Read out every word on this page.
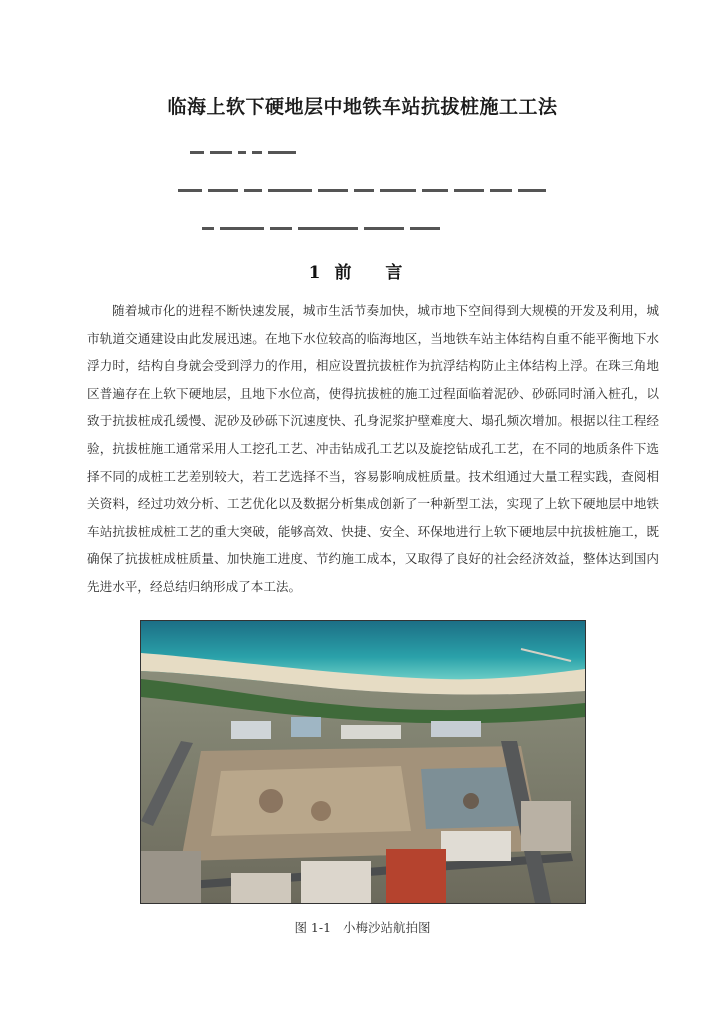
临海上软下硬地层中地铁车站抗拔桩施工工法
1 前 言

随着城市化的进程不断快速发展，城市生活节奏加快，城市地下空间得到大规模的开发及利用，城市轨道交通建设由此发展迅速。在地下水位较高的临海地区，当地铁车站主体结构自重不能平衡地下水浮力时，结构自身就会受到浮力的作用，相应设置抗拔桩作为抗浮结构防止主体结构上浮。在珠三角地区普遍存在上软下硬地层，且地下水位高，使得抗拔桩的施工过程面临着泥砂、砂砾同时涌入桩孔，以致于抗拔桩成孔缓慢、泥砂及砂砾下沉速度快、孔身泥浆护壁难度大、塌孔频次增加。根据以往工程经验，抗拔桩施工通常采用人工挖孔工艺、冲击钻成孔工艺以及旋挖钻成孔工艺，在不同的地质条件下选择不同的成桩工艺差别较大，若工艺选择不当，容易影响成桩质量。技术组通过大量工程实践，查阅相关资料，经过功效分析、工艺优化以及数据分析集成创新了一种新型工法，实现了上软下硬地层中地铁车站抗拔桩成桩工艺的重大突破，能够高效、快捷、安全、环保地进行上软下硬地层中抗拔桩施工，既确保了抗拔桩成桩质量、加快施工进度、节约施工成本，又取得了良好的社会经济效益，整体达到国内先进水平，经总结归纳形成了本工法。

图 1-1 小梅沙站航拍图
